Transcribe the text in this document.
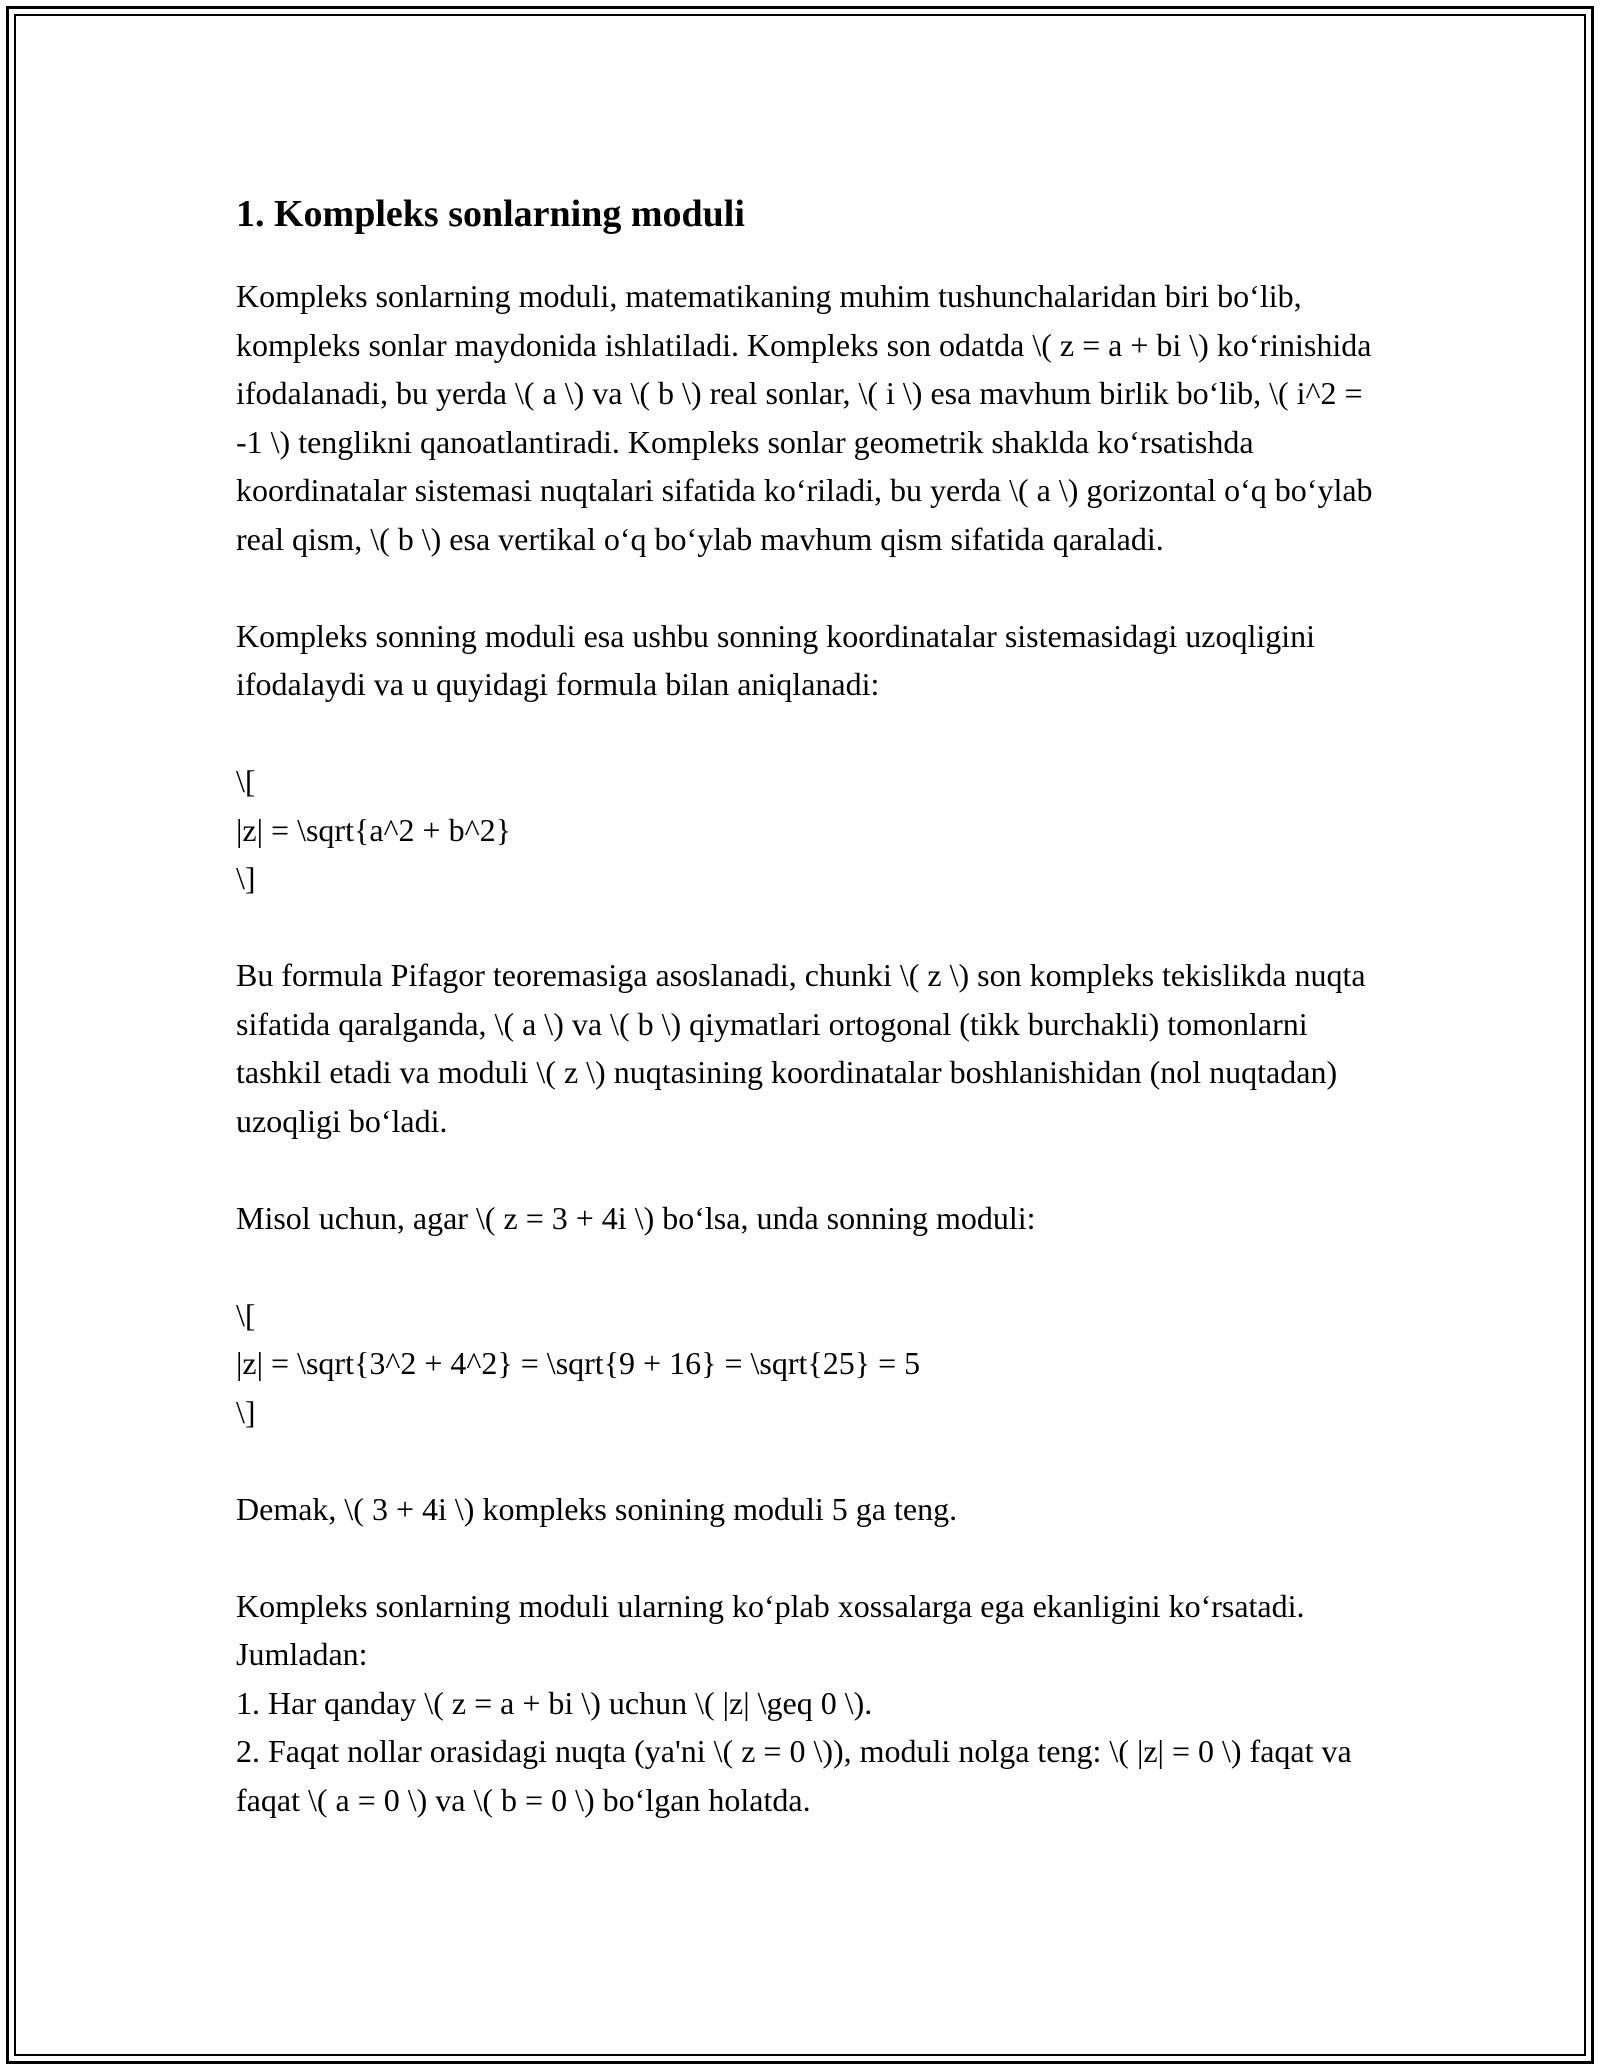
1. Kompleks sonlarning moduli

Kompleks sonlarning moduli, matematikaning muhim tushunchalaridan biri bo‘lib, kompleks sonlar maydonida ishlatiladi. Kompleks son odatda \( z = a + bi \) ko‘rinishida ifodalanadi, bu yerda \( a \) va \( b \) real sonlar, \( i \) esa mavhum birlik bo‘lib, \( i^2 = -1 \) tenglikni qanoatlantiradi. Kompleks sonlar geometrik shakldа ko‘rsatishda koordinatalar sistemasi nuqtalari sifatida ko‘riladi, bu yerda \( a \) gorizontal o‘q bo‘ylab real qism, \( b \) esa vertikal o‘q bo‘ylab mavhum qism sifatida qaraladi.

Kompleks sonning moduli esa ushbu sonning koordinatalar sistemasidagi uzoqligini ifodalaydi va u quyidagi formula bilan aniqlanadi:

\[
|z| = \sqrt{a^2 + b^2}
\]

Bu formula Pifagor teoremasiga asoslanadi, chunki \( z \) son kompleks tekislikda nuqta sifatida qaralganda, \( a \) va \( b \) qiymatlari ortogonal (tikk burchakli) tomonlarni tashkil etadi va moduli \( z \) nuqtasining koordinatalar boshlanishidan (nol nuqtadan) uzoqligi bo‘ladi.

Misol uchun, agar \( z = 3 + 4i \) bo‘lsa, unda sonning moduli:

\[
|z| = \sqrt{3^2 + 4^2} = \sqrt{9 + 16} = \sqrt{25} = 5
\]

Demak, \( 3 + 4i \) kompleks sonining moduli 5 ga teng.

Kompleks sonlarning moduli ularning ko‘plab xossalarga ega ekanligini ko‘rsatadi. Jumladan:

1. Har qanday \( z = a + bi \) uchun \( |z| \geq 0 \).

2. Faqat nollar orasidagi nuqta (ya'ni \( z = 0 \)), moduli nolga teng: \( |z| = 0 \) faqat va faqat \( a = 0 \) va \( b = 0 \) bo‘lgan holatda.
